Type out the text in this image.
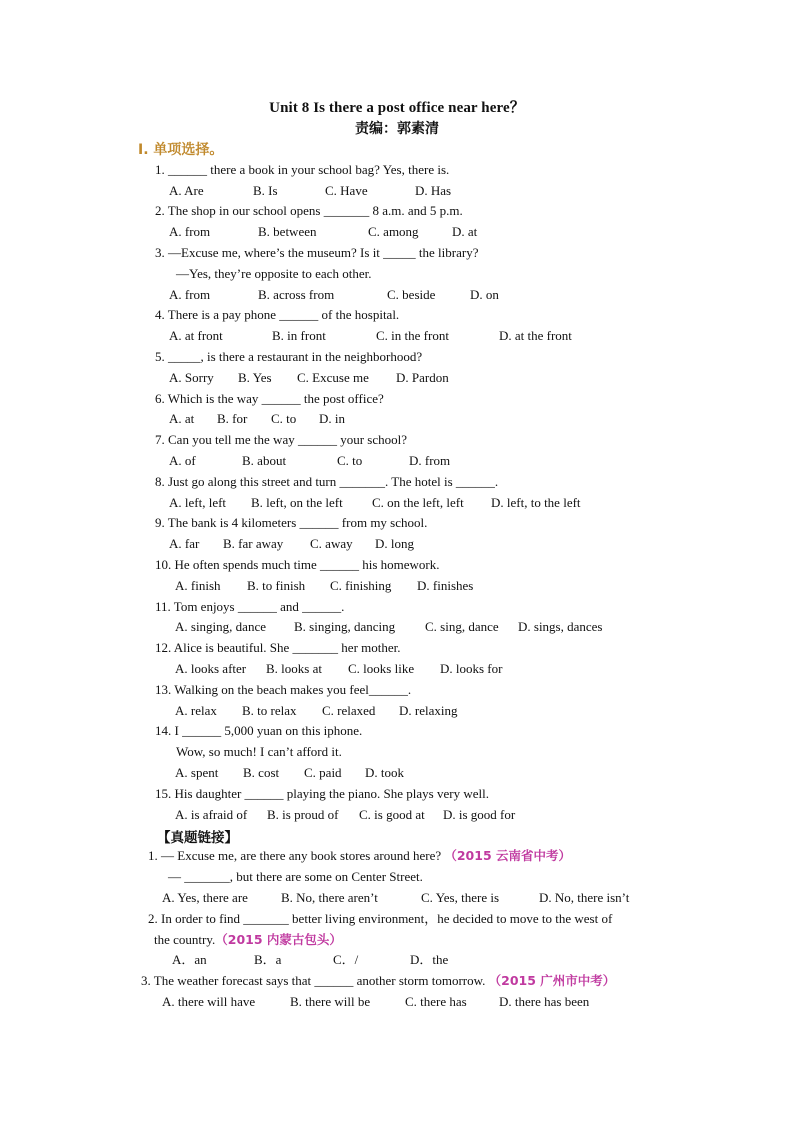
Unit 8 Is there a post office near here？
责编：郭素清
Ⅰ. 单项选择。
1. ______ there a book in your school bag? Yes, there is.
A. Are	B. Is	C. Have	D. Has
2. The shop in our school opens _______ 8 a.m. and 5 p.m.
A. from	B. between	C. among	D. at
3. —Excuse me, where’s the museum? Is it _____ the library?
—Yes, they’re opposite to each other.
A. from	B. across from	C. beside	D. on
4. There is a pay phone ______ of the hospital.
A. at front	B. in front	C. in the front	D. at the front
5. _____, is there a restaurant in the neighborhood?
A. Sorry B. Yes C. Excuse me D. Pardon
6. Which is the way ______ the post office?
A. at B. for C. to D. in
7. Can you tell me the way ______ your school?
A. of	B. about	C. to	D. from
8. Just go along this street and turn _______. The hotel is ______.
A. left, left B. left, on the left C. on the left, left D. left, to the left
9. The bank is 4 kilometers ______ from my school.
A. far B. far away C. away D. long
10. He often spends much time ______ his homework.
A. finish B. to finish C. finishing D. finishes
11. Tom enjoys ______ and ______.
A. singing, dance B. singing, dancing C. sing, dance D. sings, dances
12. Alice is beautiful. She _______ her mother.
A. looks after B. looks at C. looks like D. looks for
13. Walking on the beach makes you feel______.
A. relax B. to relax C. relaxed D. relaxing
14. I ______ 5,000 yuan on this iphone.
Wow, so much! I can’t afford it.
A. spent B. cost C. paid D. took
15. His daughter ______ playing the piano. She plays very well.
A. is afraid of B. is proud of C. is good at D. is good for
【真题链接】
1. — Excuse me, are there any book stores around here? （2015 云南省中考）
— _______, but there are some on Center Street.
A. Yes, there are	B. No, there aren’t	C. Yes, there is	D. No, there isn’t
2. In order to find _______ better living environment，he decided to move to the west of
the country.（2015 内蒙古包头）
A．an	B．a	C．/	D．the
3. The weather forecast says that ______ another storm tomorrow. （2015 广州市中考）
A. there will have	B. there will be	C. there has D. there has been
